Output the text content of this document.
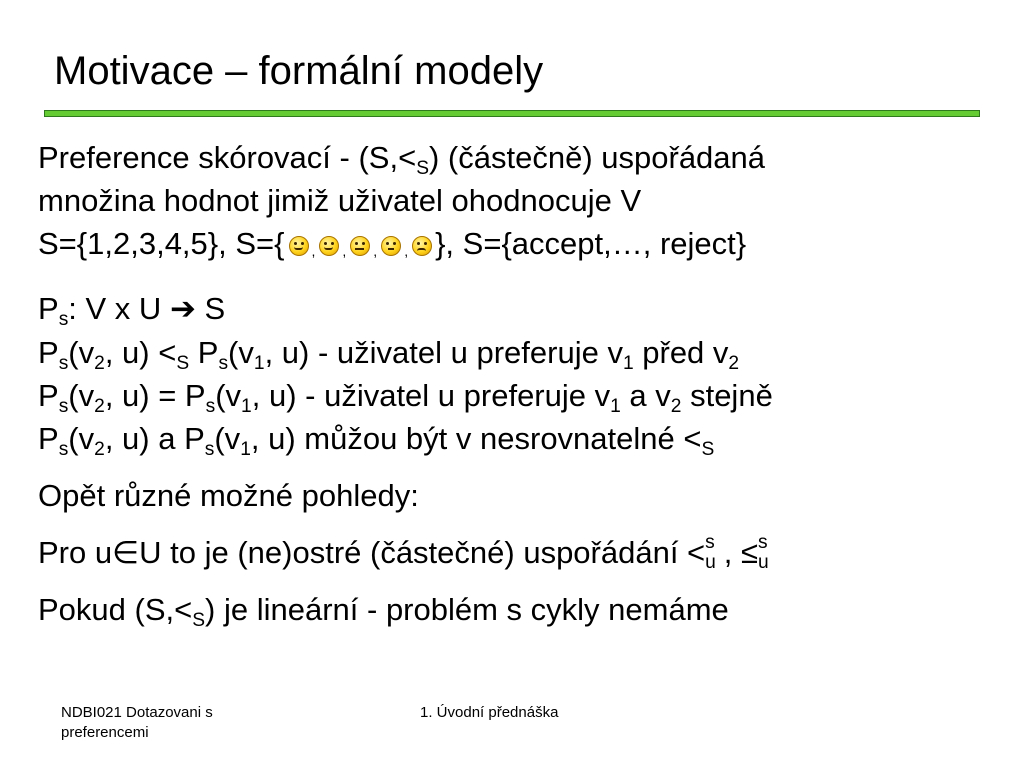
Motivace – formální modely
Preference skórovací - $(S,<_S)$ (částečně) uspořádaná
množina hodnot jimiž uživatel ohodnocuje V
S={1,2,3,4,5}, S={ , , , , }, S={accept,…, reject}
$P_s$: V x U ➔ S
$P_s(v_2$, $u) <_S$ $P_s(v_1$, u) - uživatel u preferuje $v_1$ před $v_2$
$P_s(v_2$, $u) = P_s(v_1$, u) - uživatel u preferuje $v_1$ a $v_2$ stejně
$P_s(v_2$, u) a $P_s(v_1$, u) můžou být v nesrovnatelné $<_S$
Opět různé možné pohledy:
Pro u∈U to je (ne)ostré (částečné) uspořádání < s
u , ≤ s
u
Pokud $(S,<_S)$ je lineární - problém s cykly nemáme
NDBI021 Dotazovani s preferencemi
1. Úvodní přednáška
